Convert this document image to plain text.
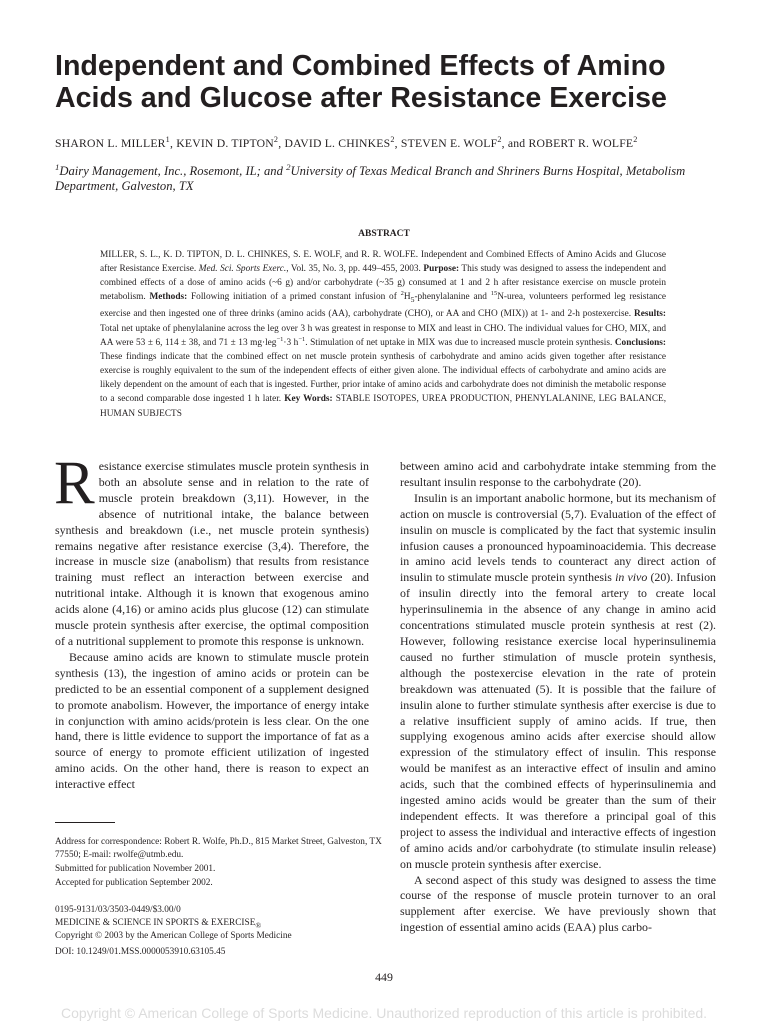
Independent and Combined Effects of Amino Acids and Glucose after Resistance Exercise
SHARON L. MILLER$^1$, KEVIN D. TIPTON$^2$, DAVID L. CHINKES$^2$, STEVEN E. WOLF$^2$, and ROBERT R. WOLFE$^2$
$^1$Dairy Management, Inc., Rosemont, IL; and $^2$University of Texas Medical Branch and Shriners Burns Hospital, Metabolism Department, Galveston, TX
ABSTRACT
MILLER, S. L., K. D. TIPTON, D. L. CHINKES, S. E. WOLF, and R. R. WOLFE. Independent and Combined Effects of Amino Acids and Glucose after Resistance Exercise. Med. Sci. Sports Exerc., Vol. 35, No. 3, pp. 449–455, 2003. Purpose: This study was designed to assess the independent and combined effects of a dose of amino acids (~6 g) and/or carbohydrate (~35 g) consumed at 1 and 2 h after resistance exercise on muscle protein metabolism. Methods: Following initiation of a primed constant infusion of $^2H_5$-phenylalanine and $^{15}$N-urea, volunteers performed leg resistance exercise and then ingested one of three drinks (amino acids (AA), carbohydrate (CHO), or AA and CHO (MIX)) at 1- and 2-h postexercise. Results: Total net uptake of phenylalanine across the leg over 3 h was greatest in response to MIX and least in CHO. The individual values for CHO, MIX, and AA were 53 ± 6, 114 ± 38, and 71 ± 13 mg·leg$^{-1}$·3 $h^{-1}$. Stimulation of net uptake in MIX was due to increased muscle protein synthesis. Conclusions: These findings indicate that the combined effect on net muscle protein synthesis of carbohydrate and amino acids given together after resistance exercise is roughly equivalent to the sum of the independent effects of either given alone. The individual effects of carbohydrate and amino acids are likely dependent on the amount of each that is ingested. Further, prior intake of amino acids and carbohydrate does not diminish the metabolic response to a second comparable dose ingested 1 h later. Key Words: STABLE ISOTOPES, UREA PRODUCTION, PHENYLALANINE, LEG BALANCE, HUMAN SUBJECTS

Resistance exercise stimulates muscle protein synthesis in both an absolute sense and in relation to the rate of muscle protein breakdown (3,11). However, in the absence of nutritional intake, the balance between synthesis and breakdown (i.e., net muscle protein synthesis) remains negative after resistance exercise (3,4). Therefore, the increase in muscle size (anabolism) that results from resistance training must reflect an interaction between exercise and nutritional intake. Although it is known that exogenous amino acids alone (4,16) or amino acids plus glucose (12) can stimulate muscle protein synthesis after exercise, the optimal composition of a nutritional supplement to promote this response is unknown.

Because amino acids are known to stimulate muscle protein synthesis (13), the ingestion of amino acids or protein can be predicted to be an essential component of a supplement designed to promote anabolism. However, the importance of energy intake in conjunction with amino acids/protein is less clear. On the one hand, there is little evidence to support the importance of fat as a source of energy to promote efficient utilization of ingested amino acids. On the other hand, there is reason to expect an interactive effect

between amino acid and carbohydrate intake stemming from the resultant insulin response to the carbohydrate (20).

Insulin is an important anabolic hormone, but its mechanism of action on muscle is controversial (5,7). Evaluation of the effect of insulin on muscle is complicated by the fact that systemic insulin infusion causes a pronounced hypoaminoacidemia. This decrease in amino acid levels tends to counteract any direct action of insulin to stimulate muscle protein synthesis in vivo (20). Infusion of insulin directly into the femoral artery to create local hyperinsulinemia in the absence of any change in amino acid concentrations stimulated muscle protein synthesis at rest (2). However, following resistance exercise local hyperinsulinemia caused no further stimulation of muscle protein synthesis, although the postexercise elevation in the rate of protein breakdown was attenuated (5). It is possible that the failure of insulin alone to further stimulate synthesis after exercise is due to a relative insufficient supply of amino acids. If true, then supplying exogenous amino acids after exercise should allow expression of the stimulatory effect of insulin. This response would be manifest as an interactive effect of insulin and amino acids, such that the combined effects of hyperinsulinemia and ingested amino acids would be greater than the sum of their independent effects. It was therefore a principal goal of this project to assess the individual and interactive effects of ingestion of amino acids and/or carbohydrate (to stimulate insulin release) on muscle protein synthesis after exercise.

A second aspect of this study was designed to assess the time course of the response of muscle protein turnover to an oral supplement after exercise. We have previously shown that ingestion of essential amino acids (EAA) plus carbo-

Address for correspondence: Robert R. Wolfe, Ph.D., 815 Market Street, Galveston, TX 77550; E-mail: rwolfe@utmb.edu.
Submitted for publication November 2001.
Accepted for publication September 2002.
0195-9131/03/3503-0449/$3.00/0
MEDICINE & SCIENCE IN SPORTS & $EXERCISE_®$
Copyright © 2003 by the American College of Sports Medicine
DOI: 10.1249/01.MSS.0000053910.63105.45
449
Copyright © American College of Sports Medicine. Unauthorized reproduction of this article is prohibited.
